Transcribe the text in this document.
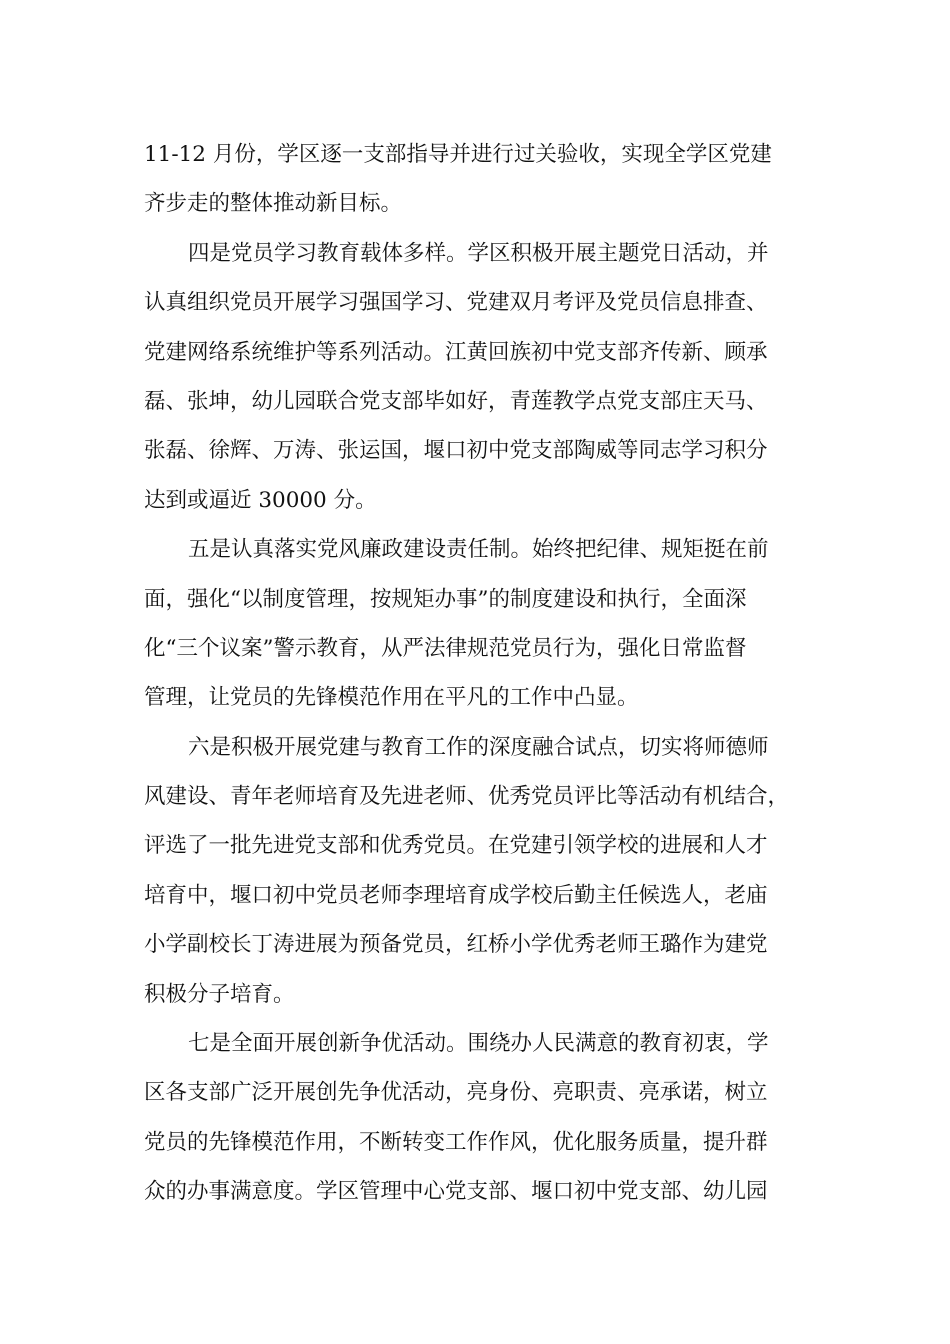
11-12 月份，学区逐一支部指导并进行过关验收，实现全学区党建
齐步走的整体推动新目标。
四是党员学习教育载体多样。学区积极开展主题党日活动，并
认真组织党员开展学习强国学习、党建双月考评及党员信息排查、
党建网络系统维护等系列活动。江黄回族初中党支部齐传新、顾承
磊、张坤，幼儿园联合党支部毕如好，青莲教学点党支部庄天马、
张磊、徐辉、万涛、张运国，堰口初中党支部陶威等同志学习积分
达到或逼近 30000 分。
五是认真落实党风廉政建设责任制。始终把纪律、规矩挺在前
面，强化“以制度管理，按规矩办事”的制度建设和执行，全面深
化“三个议案”警示教育，从严法律规范党员行为，强化日常监督
管理，让党员的先锋模范作用在平凡的工作中凸显。
六是积极开展党建与教育工作的深度融合试点，切实将师德师
风建设、青年老师培育及先进老师、优秀党员评比等活动有机结合，
评选了一批先进党支部和优秀党员。在党建引领学校的进展和人才
培育中，堰口初中党员老师李理培育成学校后勤主任候选人，老庙
小学副校长丁涛进展为预备党员，红桥小学优秀老师王璐作为建党
积极分子培育。
七是全面开展创新争优活动。围绕办人民满意的教育初衷，学
区各支部广泛开展创先争优活动，亮身份、亮职责、亮承诺，树立
党员的先锋模范作用，不断转变工作作风，优化服务质量，提升群
众的办事满意度。学区管理中心党支部、堰口初中党支部、幼儿园
